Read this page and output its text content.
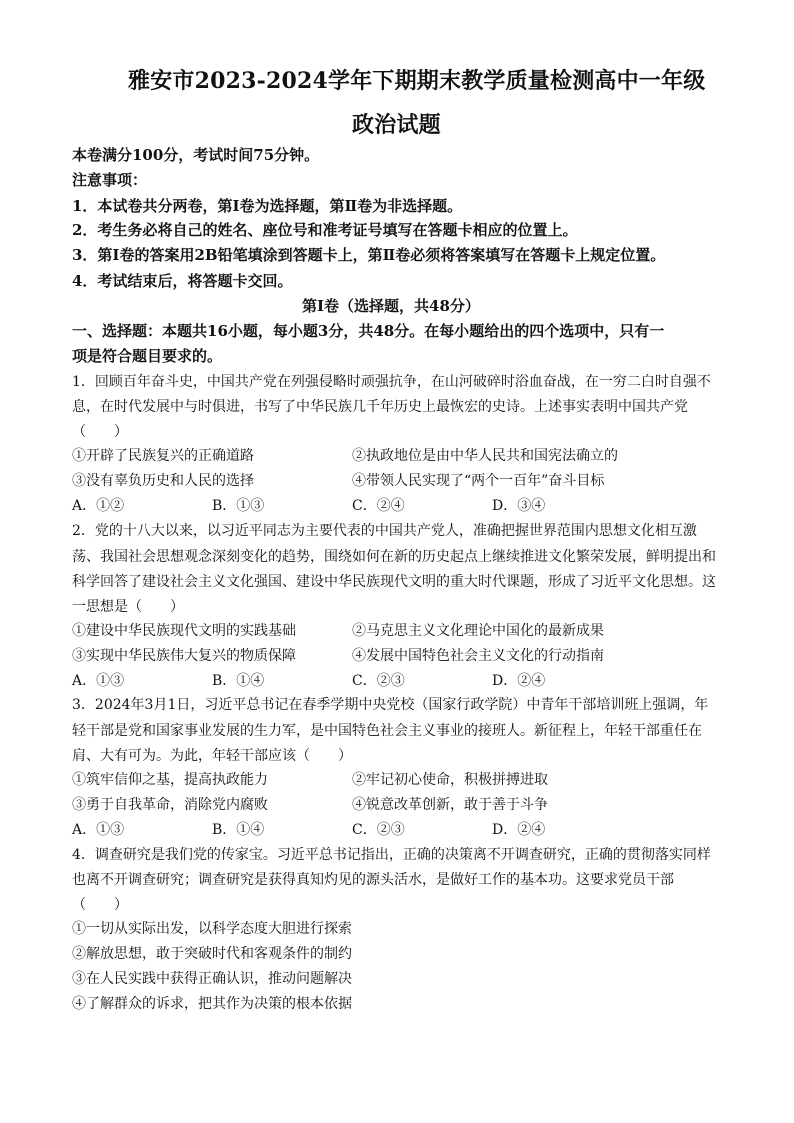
雅安市2023-2024学年下期期末教学质量检测高中一年级
政治试题
本卷满分100分，考试时间75分钟。
注意事项：
1．本试卷共分两卷，第Ⅰ卷为选择题，第Ⅱ卷为非选择题。
2．考生务必将自己的姓名、座位号和准考证号填写在答题卡相应的位置上。
3．第Ⅰ卷的答案用2B铅笔填涂到答题卡上，第Ⅱ卷必须将答案填写在答题卡上规定位置。
4．考试结束后，将答题卡交回。
第Ⅰ卷（选择题，共48分）
一、选择题：本题共16小题，每小题3分，共48分。在每小题给出的四个选项中，只有一
项是符合题目要求的。
1．回顾百年奋斗史，中国共产党在列强侵略时顽强抗争，在山河破碎时浴血奋战，在一穷二白时自强不
息，在时代发展中与时俱进，书写了中华民族几千年历史上最恢宏的史诗。上述事实表明中国共产党
（　　）
①开辟了民族复兴的正确道路	②执政地位是由中华人民共和国宪法确立的
③没有辜负历史和人民的选择	④带领人民实现了“两个一百年”奋斗目标
A．①②	B．①③	C．②④	D．③④
2．党的十八大以来，以习近平同志为主要代表的中国共产党人，准确把握世界范围内思想文化相互激
荡、我国社会思想观念深刻变化的趋势，围绕如何在新的历史起点上继续推进文化繁荣发展，鲜明提出和
科学回答了建设社会主义文化强国、建设中华民族现代文明的重大时代课题，形成了习近平文化思想。这
一思想是（　　）
①建设中华民族现代文明的实践基础	②马克思主义文化理论中国化的最新成果
③实现中华民族伟大复兴的物质保障	④发展中国特色社会主义文化的行动指南
A．①③	B．①④	C．②③	D．②④
3．2024年3月1日，习近平总书记在春季学期中央党校（国家行政学院）中青年干部培训班上强调，年
轻干部是党和国家事业发展的生力军，是中国特色社会主义事业的接班人。新征程上，年轻干部重任在
肩、大有可为。为此，年轻干部应该（　　）
①筑牢信仰之基，提高执政能力	②牢记初心使命，积极拼搏进取
③勇于自我革命，消除党内腐败	④锐意改革创新，敢于善于斗争
A．①③	B．①④	C．②③	D．②④
4．调查研究是我们党的传家宝。习近平总书记指出，正确的决策离不开调查研究，正确的贯彻落实同样
也离不开调查研究；调查研究是获得真知灼见的源头活水，是做好工作的基本功。这要求党员干部
（　　）
①一切从实际出发，以科学态度大胆进行探索
②解放思想，敢于突破时代和客观条件的制约
③在人民实践中获得正确认识，推动问题解决
④了解群众的诉求，把其作为决策的根本依据
